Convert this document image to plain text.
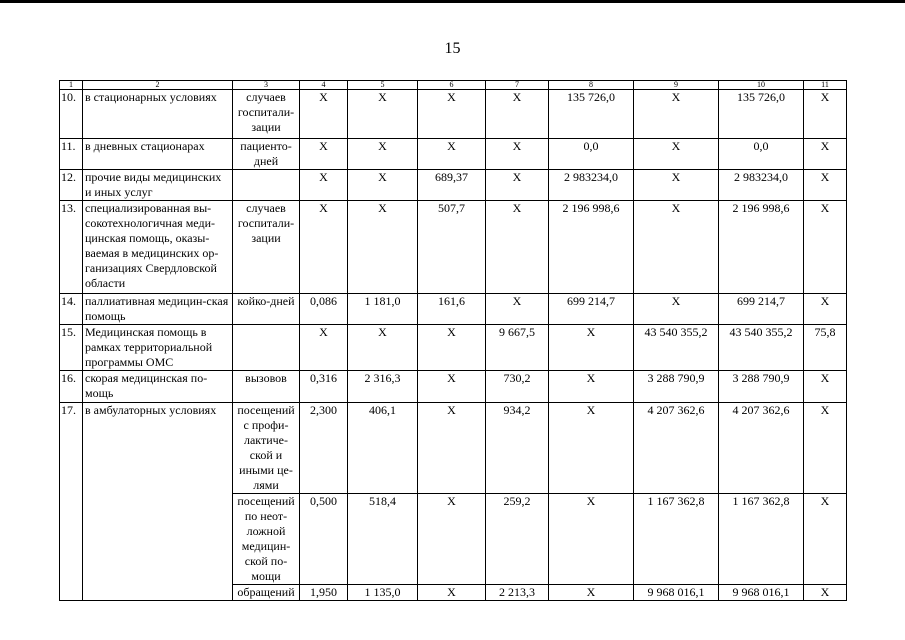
15
1	2	3	4	5	6	7	8	9	10	11
10.	в стационарных условиях	случаев госпитали-зации	Х	Х	Х	Х	135 726,0	Х	135 726,0	Х
11.	в дневных стационарах	пациенто-дней	Х	Х	Х	Х	0,0	Х	0,0	Х
12.	прочие виды медицинских и иных услуг		Х	Х	689,37	Х	2 983234,0	Х	2 983234,0	Х
13.	специализированная вы-сокотехнологичная меди-цинская помощь, оказы-ваемая в медицинских ор-ганизациях Свердловской области	случаев госпитали-зации	Х	Х	507,7	Х	2 196 998,6	Х	2 196 998,6	Х
14.	паллиативная медицин-ская помощь	койко-дней	0,086	1 181,0	161,6	Х	699 214,7	Х	699 214,7	Х
15.	Медицинская помощь в рамках территориальной программы ОМС		Х	Х	Х	9 667,5	Х	43 540 355,2	43 540 355,2	75,8
16.	скорая медицинская по-мощь	вызовов	0,316	2 316,3	Х	730,2	Х	3 288 790,9	3 288 790,9	Х
17.	в амбулаторных условиях	посещений с профи-лактиче-ской и иными це-лями	2,300	406,1	Х	934,2	Х	4 207 362,6	4 207 362,6	Х
		посещений по неот-ложной медицин-ской по-мощи	0,500	518,4	Х	259,2	Х	1 167 362,8	1 167 362,8	Х
		обращений	1,950	1 135,0	Х	2 213,3	Х	9 968 016,1	9 968 016,1	Х
